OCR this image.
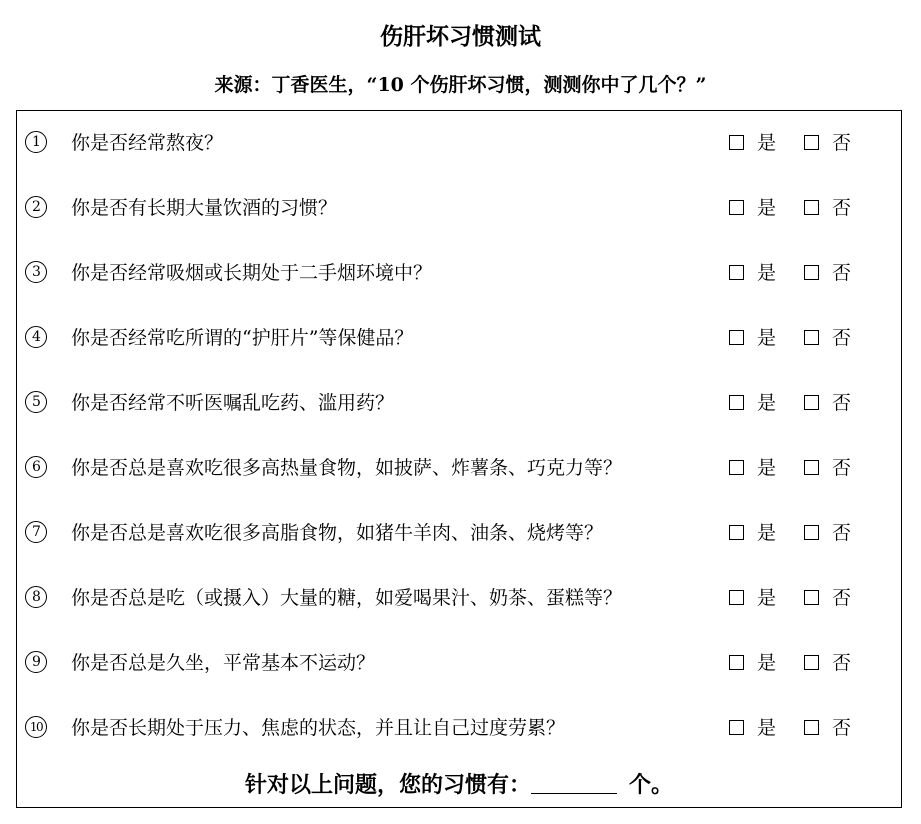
伤肝坏习惯测试
来源：丁香医生，“10 个伤肝坏习惯，测测你中了几个？”
1	你是否经常熬夜？	是	否
2	你是否有长期大量饮酒的习惯？	是	否
3	你是否经常吸烟或长期处于二手烟环境中？	是	否
4	你是否经常吃所谓的“护肝片”等保健品？	是	否
5	你是否经常不听医嘱乱吃药、滥用药？	是	否
6	你是否总是喜欢吃很多高热量食物，如披萨、炸薯条、巧克力等？	是	否
7	你是否总是喜欢吃很多高脂食物，如猪牛羊肉、油条、烧烤等？	是	否
8	你是否总是吃（或摄入）大量的糖，如爱喝果汁、奶茶、蛋糕等？	是	否
9	你是否总是久坐，平常基本不运动？	是	否
10 你是否长期处于压力、焦虑的状态，并且让自己过度劳累？	是	否
针对以上问题，您的习惯有：	个。
